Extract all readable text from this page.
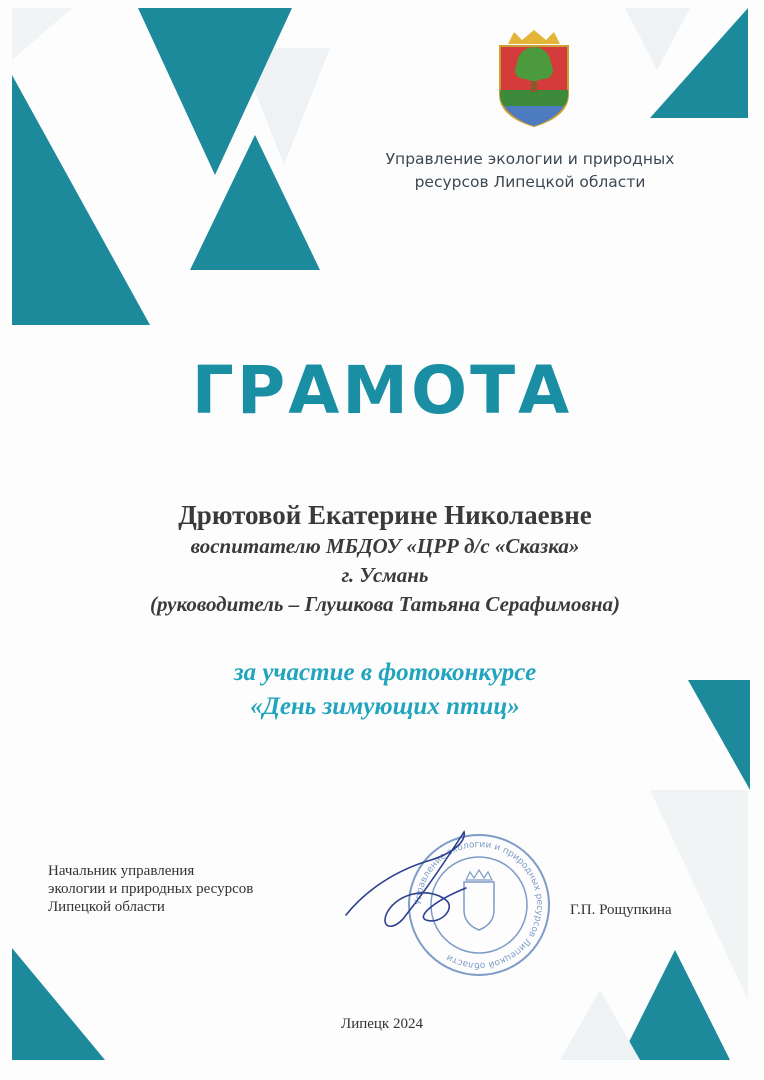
Управление экологии и природных
ресурсов Липецкой области
ГРАМОТА
Дрютовой Екатерине Николаевне
воспитателю МБДОУ «ЦРР д/с «Сказка»
г. Усмань
(руководитель – Глушкова Татьяна Серафимовна)
за участие в фотоконкурсе
«День зимующих птиц»
Начальник управления
экологии и природных ресурсов
Липецкой области	Управление экологии и природных ресурсов Липецкой области
Г.П. Рощупкина
Липецк 2024
